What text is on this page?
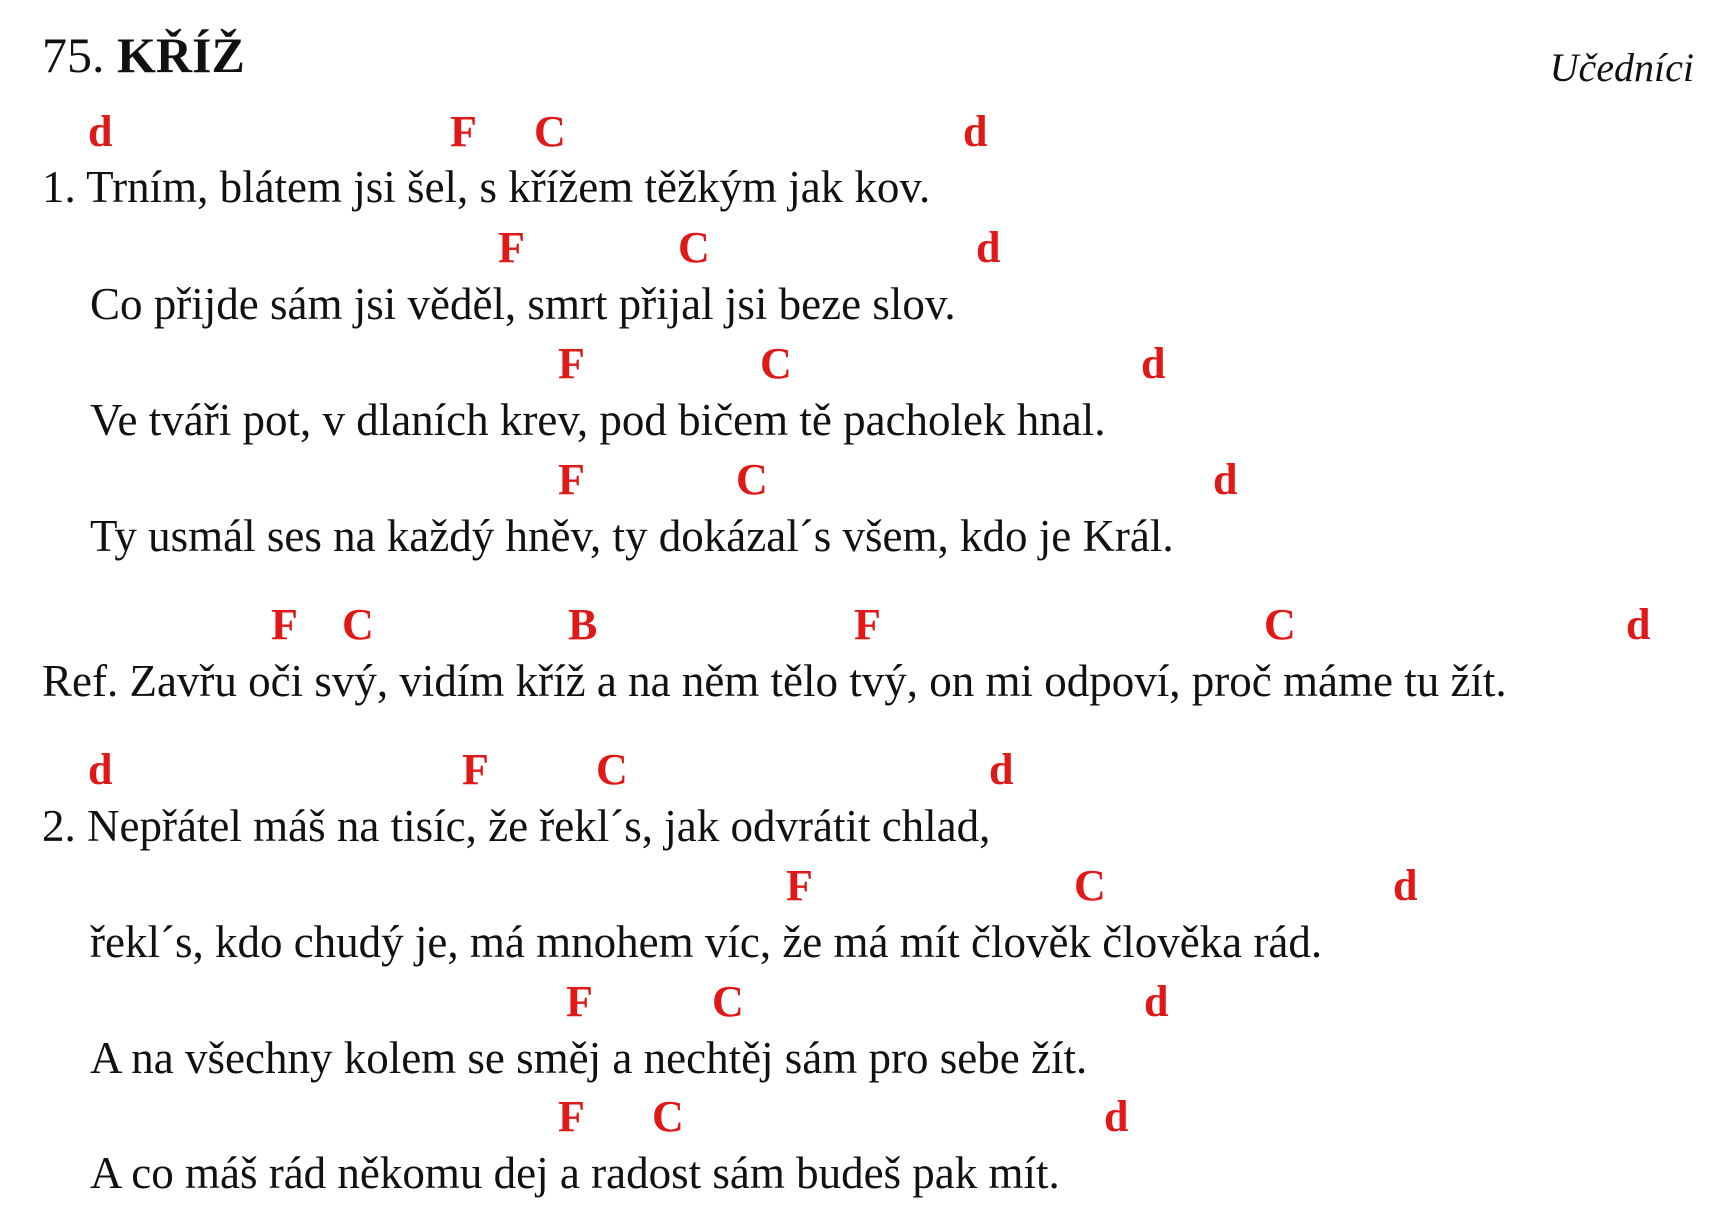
75. KŘÍŽ	Učedníci
d	F C	d
1. Trním, blátem jsi šel, s křížem těžkým jak kov.
F	C	d
Co přijde sám jsi věděl, smrt přijal jsi beze slov.
F	C	d
Ve tváři pot, v dlaních krev, pod bičem tě pacholek hnal.
F	C	d
Ty usmál ses na každý hněv, ty dokázal´s všem, kdo je Král.
F C	B	F	C	d
Ref. Zavřu oči svý, vidím kříž a na něm tělo tvý, on mi odpoví, proč máme tu žít.
d	F C	d
2. Nepřátel máš na tisíc, že řekl´s, jak odvrátit chlad,
F	C	d
řekl´s, kdo chudý je, má mnohem víc, že má mít člověk člověka rád.
F	C	d
A na všechny kolem se směj a nechtěj sám pro sebe žít.
F C	d
A co máš rád někomu dej a radost sám budeš pak mít.
